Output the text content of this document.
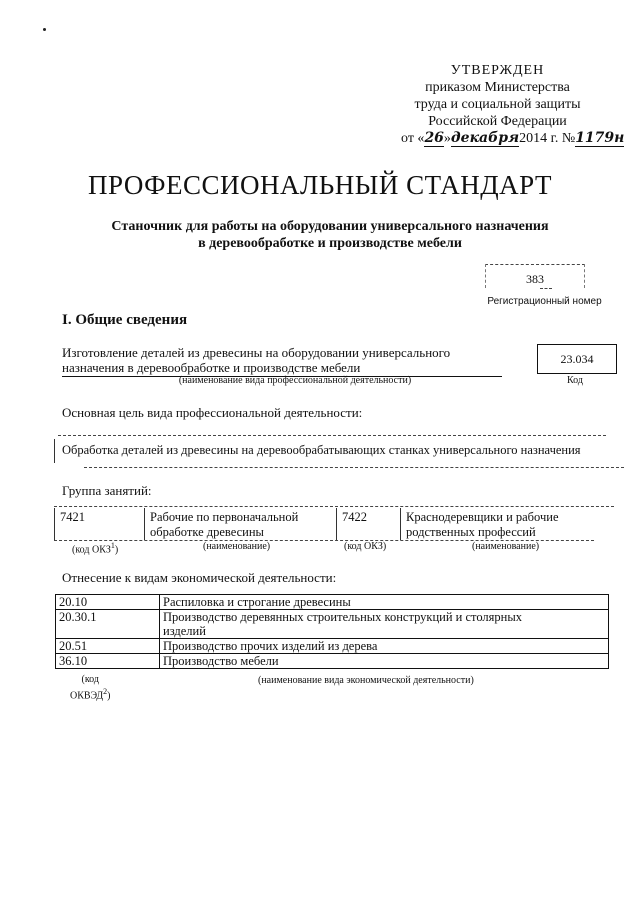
УТВЕРЖДЕН
приказом Министерства
труда и социальной защиты
Российской Федерации
от «26»декабря2014 г. №1179н
ПРОФЕССИОНАЛЬНЫЙ СТАНДАРТ
Станочник для работы на оборудовании универсального назначения
в деревообработке и производстве мебели
383
Регистрационный номер
I. Общие сведения
Изготовление деталей из древесины на оборудовании универсального
назначения в деревообработке и производстве мебели
(наименование вида профессиональной деятельности)
23.034
Код
Основная цель вида профессиональной деятельности:
Обработка деталей из древесины на деревообрабатывающих станках универсального назначения
Группа занятий:
7421	Рабочие по первоначальной
обработке древесины
7422	Краснодеревщики и рабочие
родственных профессий
(код ОКЗ$^1$)	(наименование)	(код ОКЗ)	(наименование)
Отнесение к видам экономической деятельности:
20.10	Распиловка и строгание древесины
20.30.1	Производство деревянных строительных конструкций и столярных изделий
20.51	Производство прочих изделий из дерева
36.10	Производство мебели
(код
ОКВЭД$^2$)
(наименование вида экономической деятельности)
